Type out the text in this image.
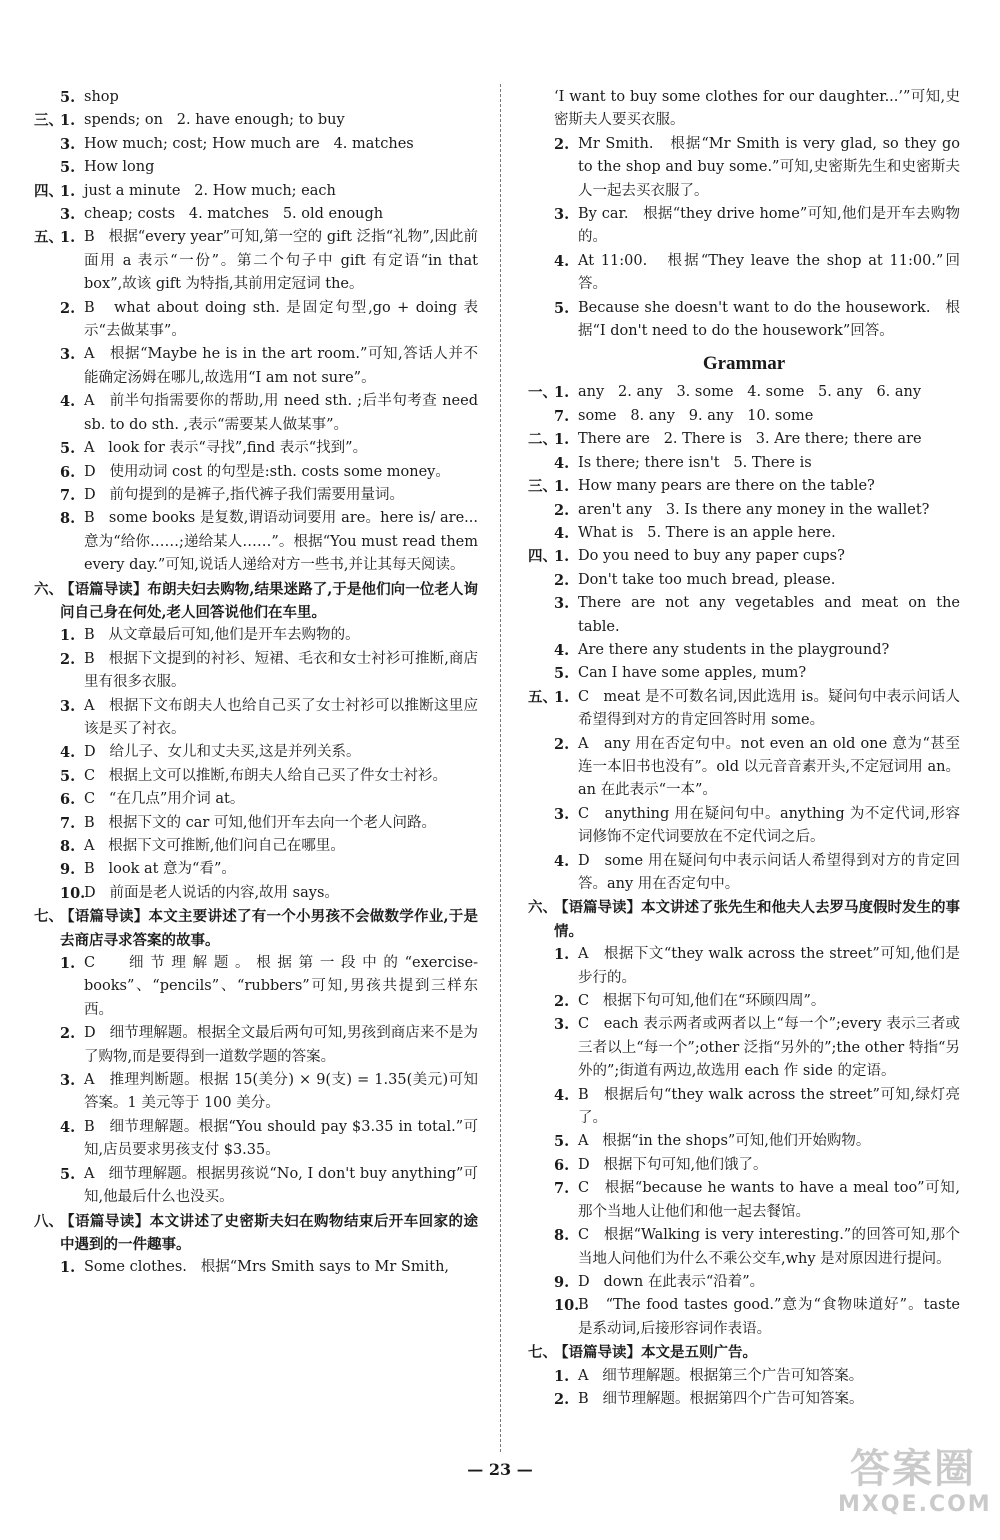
5. shop
三、
1. spends; on   2. have enough; to buy
3. How much; cost; How much are   4. matches
5. How long
四、
1. just a minute   2. How much; each
3. cheap; costs   4. matches   5. old enough
五、
1. B   根据“every year”可知,第一空的 gift 泛指“礼物”,因此前面用 a 表示“一份”。第二个句子中 gift 有定语“in that box”,故该 gift 为特指,其前用定冠词 the。
2. B   what about doing sth. 是固定句型,go + doing 表示“去做某事”。
3. A   根据“Maybe he is in the art room.”可知,答话人并不能确定汤姆在哪儿,故选用“I am not sure”。
4. A   前半句指需要你的帮助,用 need sth. ;后半句考查 need sb. to do sth. ,表示“需要某人做某事”。
5. A   look for 表示“寻找”,find 表示“找到”。
6. D   使用动词 cost 的句型是:sth. costs some money。
7. D   前句提到的是裤子,指代裤子我们需要用量词。
8. B   some books 是复数,谓语动词要用 are。here is/ are... 意为“给你……;递给某人……”。根据“You must read them every day.”可知,说话人递给对方一些书,并让其每天阅读。
六、
【语篇导读】布朗夫妇去购物,结果迷路了,于是他们向一位老人询问自己身在何处,老人回答说他们在车里。
1. B   从文章最后可知,他们是开车去购物的。
2. B   根据下文提到的衬衫、短裙、毛衣和女士衬衫可推断,商店里有很多衣服。
3. A   根据下文布朗夫人也给自己买了女士衬衫可以推断这里应该是买了衬衣。
4. D   给儿子、女儿和丈夫买,这是并列关系。
5. C   根据上文可以推断,布朗夫人给自己买了件女士衬衫。
6. C   “在几点”用介词 at。
7. B   根据下文的 car 可知,他们开车去向一个老人问路。
8. A   根据下文可推断,他们问自己在哪里。
9. B   look at 意为“看”。
10.
D   前面是老人说话的内容,故用 says。
七、
【语篇导读】本文主要讲述了有一个小男孩不会做数学作业,于是去商店寻求答案的故事。
1. C   细节理解题。根据第一段中的“exercise-books”、“pencils”、“rubbers”可知,男孩共提到三样东西。
2. D   细节理解题。根据全文最后两句可知,男孩到商店来不是为了购物,而是要得到一道数学题的答案。
3. A   推理判断题。根据 15(美分) × 9(支) = 1.35(美元)可知答案。1 美元等于 100 美分。
4. B   细节理解题。根据“You should pay $3.35 in total.”可知,店员要求男孩支付 $3.35。
5. A   细节理解题。根据男孩说“No, I don't buy anything”可知,他最后什么也没买。
八、
【语篇导读】本文讲述了史密斯夫妇在购物结束后开车回家的途中遇到的一件趣事。
1. Some clothes.   根据“Mrs Smith says to Mr Smith,
‘I want to buy some clothes for our daughter...’”可知,史密斯夫人要买衣服。
2. Mr Smith.   根据“Mr Smith is very glad, so they go to the shop and buy some.”可知,史密斯先生和史密斯夫人一起去买衣服了。
3. By car.   根据“they drive home”可知,他们是开车去购物的。
4. At 11:00.   根据“They leave the shop at 11:00.”回答。
5. Because she doesn't want to do the housework.   根据“I don't need to do the housework”回答。
Grammar
一、
1. any   2. any   3. some   4. some   5. any   6. any
7. some   8. any   9. any   10. some
二、
1. There are   2. There is   3. Are there; there are
4. Is there; there isn't   5. There is
三、
1. How many pears are there on the table?
2. aren't any   3. Is there any money in the wallet?
4. What is   5. There is an apple here.
四、
1. Do you need to buy any paper cups?
2. Don't take too much bread, please.
3. There are not any vegetables and meat on the table.
4. Are there any students in the playground?
5. Can I have some apples, mum?
五、
1. C   meat 是不可数名词,因此选用 is。疑问句中表示问话人希望得到对方的肯定回答时用 some。
2. A   any 用在否定句中。not even an old one 意为“甚至连一本旧书也没有”。old 以元音音素开头,不定冠词用 an。an 在此表示“一本”。
3. C   anything 用在疑问句中。anything 为不定代词,形容词修饰不定代词要放在不定代词之后。
4. D   some 用在疑问句中表示问话人希望得到对方的肯定回答。any 用在否定句中。
六、
【语篇导读】本文讲述了张先生和他夫人去罗马度假时发生的事情。
1. A   根据下文“they walk across the street”可知,他们是步行的。
2. C   根据下句可知,他们在“环顾四周”。
3. C   each 表示两者或两者以上“每一个”;every 表示三者或三者以上“每一个”;other 泛指“另外的”;the other 特指“另外的”;街道有两边,故选用 each 作 side 的定语。
4. B   根据后句“they walk across the street”可知,绿灯亮了。
5. A   根据“in the shops”可知,他们开始购物。
6. D   根据下句可知,他们饿了。
7. C   根据“because he wants to have a meal too”可知,那个当地人让他们和他一起去餐馆。
8. C   根据“Walking is very interesting.”的回答可知,那个当地人问他们为什么不乘公交车,why 是对原因进行提问。
9. D   down 在此表示“沿着”。
10.
B   “The food tastes good.”意为“食物味道好”。taste 是系动词,后接形容词作表语。
七、
【语篇导读】本文是五则广告。
1. A   细节理解题。根据第三个广告可知答案。
2. B   细节理解题。根据第四个广告可知答案。
— 23 —	答案圈
MXQE.COM
